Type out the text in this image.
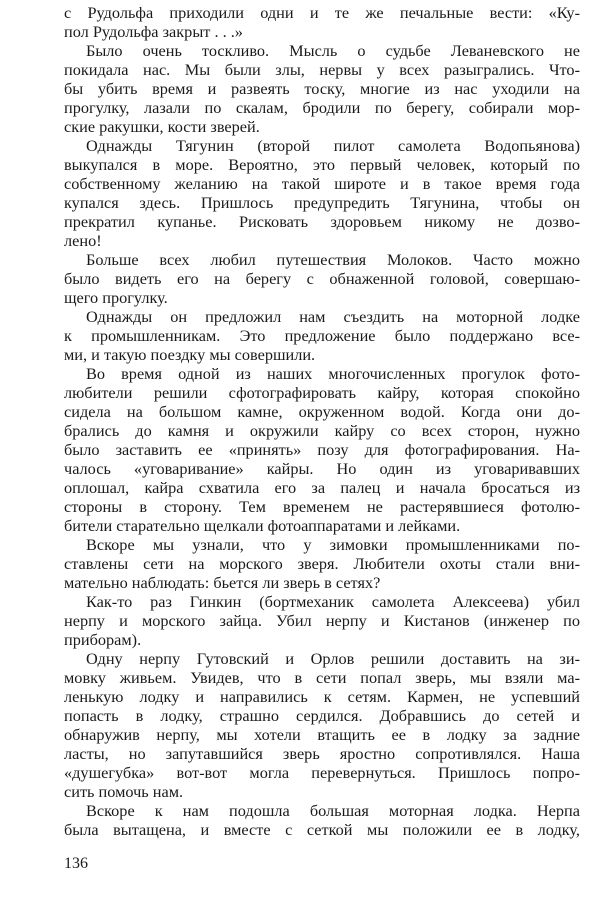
с Рудольфа приходили одни и те же печальные вести: «Ку-
пол Рудольфа закрыт . . .»
Было очень тоскливо. Мысль о судьбе Леваневского не
покидала нас. Мы были злы, нервы у всех разыгрались. Что-
бы убить время и развеять тоску, многие из нас уходили на
прогулку, лазали по скалам, бродили по берегу, собирали мор-
ские ракушки, кости зверей.
Однажды Тягунин (второй пилот самолета Водопьянова)
выкупался в море. Вероятно, это первый человек, который по
собственному желанию на такой широте и в такое время года
купался здесь. Пришлось предупредить Тягунина, чтобы он
прекратил купанье. Рисковать здоровьем никому не дозво-
лено!
Больше всех любил путешествия Молоков. Часто можно
было видеть его на берегу с обнаженной головой, совершаю-
щего прогулку.
Однажды он предложил нам съездить на моторной лодке
к промышленникам. Это предложение было поддержано все-
ми, и такую поездку мы совершили.
Во время одной из наших многочисленных прогулок фото-
любители решили сфотографировать кайру, которая спокойно
сидела на большом камне, окруженном водой. Когда они до-
брались до камня и окружили кайру со всех сторон, нужно
было заставить ее «принять» позу для фотографирования. На-
чалось «уговаривание» кайры. Но один из уговаривавших
оплошал, кайра схватила его за палец и начала бросаться из
стороны в сторону. Тем временем не растерявшиеся фотолю-
бители старательно щелкали фотоаппаратами и лейками.
Вскоре мы узнали, что у зимовки промышленниками по-
ставлены сети на морского зверя. Любители охоты стали вни-
мательно наблюдать: бьется ли зверь в сетях?
Как-то раз Гинкин (бортмеханик самолета Алексеева) убил
нерпу и морского зайца. Убил нерпу и Кистанов (инженер по
приборам).
Одну нерпу Гутовский и Орлов решили доставить на зи-
мовку живьем. Увидев, что в сети попал зверь, мы взяли ма-
ленькую лодку и направились к сетям. Кармен, не успевший
попасть в лодку, страшно сердился. Добравшись до сетей и
обнаружив нерпу, мы хотели втащить ее в лодку за задние
ласты, но запутавшийся зверь яростно сопротивлялся. Наша
«душегубка» вот-вот могла перевернуться. Пришлось попро-
сить помочь нам.
Вскоре к нам подошла большая моторная лодка. Нерпа
была вытащена, и вместе с сеткой мы положили ее в лодку,
136
